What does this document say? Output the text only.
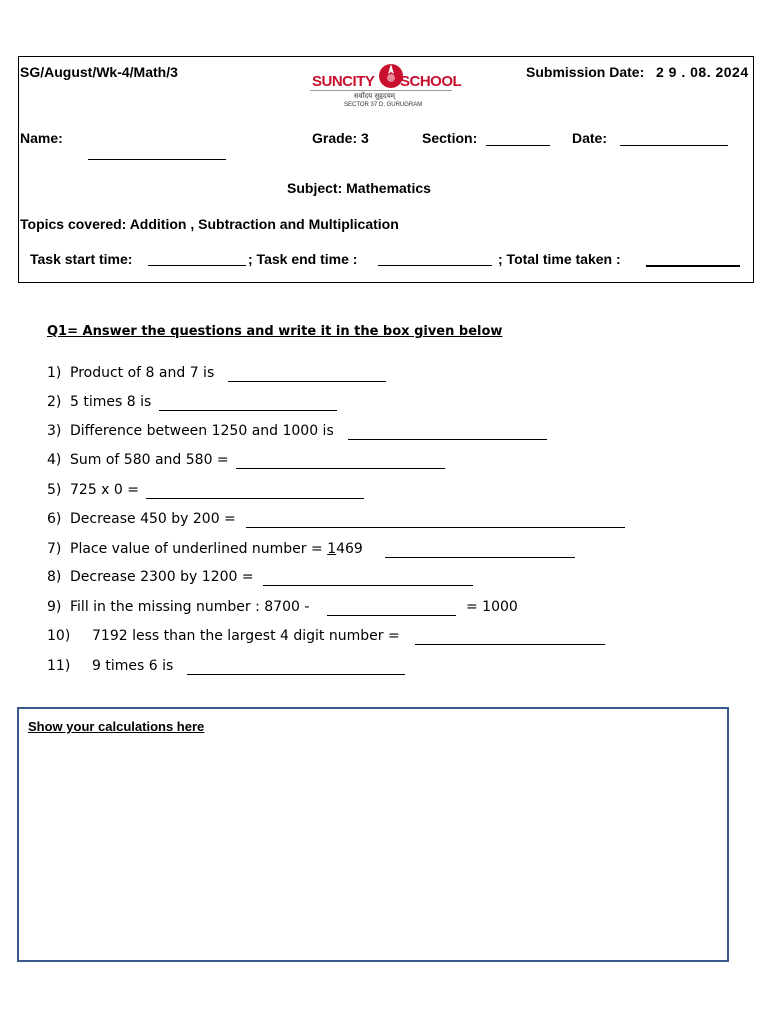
SG/August/Wk-4/Math/3
SUNCITY SCHOOL
सर्वोदय सुहृदयम्
SECTOR 37 D, GURUGRAM
Submission Date: 2 9 . 08. 2024
Name:	Grade: 3	Section:	Date:
Subject: Mathematics
Topics covered: Addition , Subtraction and Multiplication
Task start time:	; Task end time :	; Total time taken :
Q1= Answer the questions and write it in the box given below
1) Product of 8 and 7 is
2) 5 times 8 is
3) Difference between 1250 and 1000 is
4) Sum of 580 and 580 =
5) 725 x 0 =
6) Decrease 450 by 200 =
7) Place value of underlined number = 1469
8) Decrease 2300 by 1200 =
9) Fill in the missing number : 8700 -	= 1000
10) 7192 less than the largest 4 digit number =
11) 9 times 6 is
Show your calculations here
